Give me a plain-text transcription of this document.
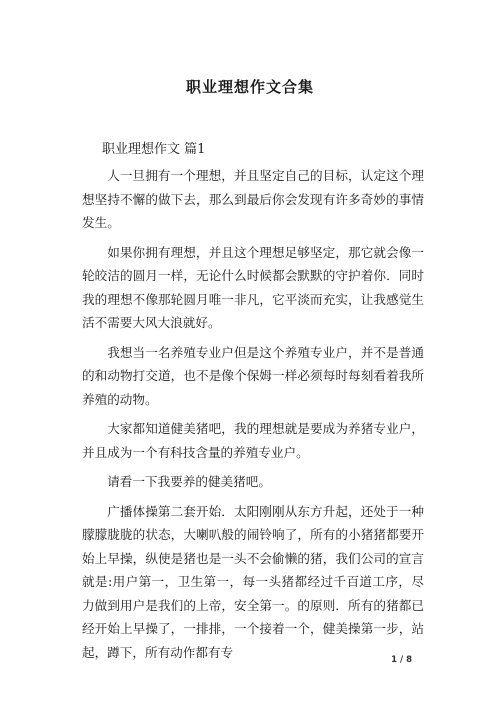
职业理想作文合集
职业理想作文 篇1

人一旦拥有一个理想，并且坚定自己的目标，认定这个理想坚持不懈的做下去，那么到最后你会发现有许多奇妙的事情发生。

如果你拥有理想，并且这个理想足够坚定，那它就会像一轮皎洁的圆月一样，无论什么时候都会默默的守护着你．同时我的理想不像那轮圆月唯一非凡，它平淡而充实，让我感觉生活不需要大风大浪就好。

我想当一名养殖专业户但是这个养殖专业户，并不是普通的和动物打交道，也不是像个保姆一样必须每时每刻看着我所养殖的动物。

大家都知道健美猪吧，我的理想就是要成为养猪专业户，并且成为一个有科技含量的养殖专业户。

请看一下我要养的健美猪吧。

广播体操第二套开始．太阳刚刚从东方升起，还处于一种朦朦胧胧的状态，大喇叭般的闹铃响了，所有的小猪猪都要开始上早操，纵使是猪也是一头不会偷懒的猪，我们公司的宣言就是:用户第一，卫生第一，每一头猪都经过千百道工序，尽力做到用户是我们的上帝，安全第一。的原则．所有的猪都已经开始上早操了，一排排，一个接着一个，健美操第一步，站起，蹲下，所有动作都有专

1 / 8
